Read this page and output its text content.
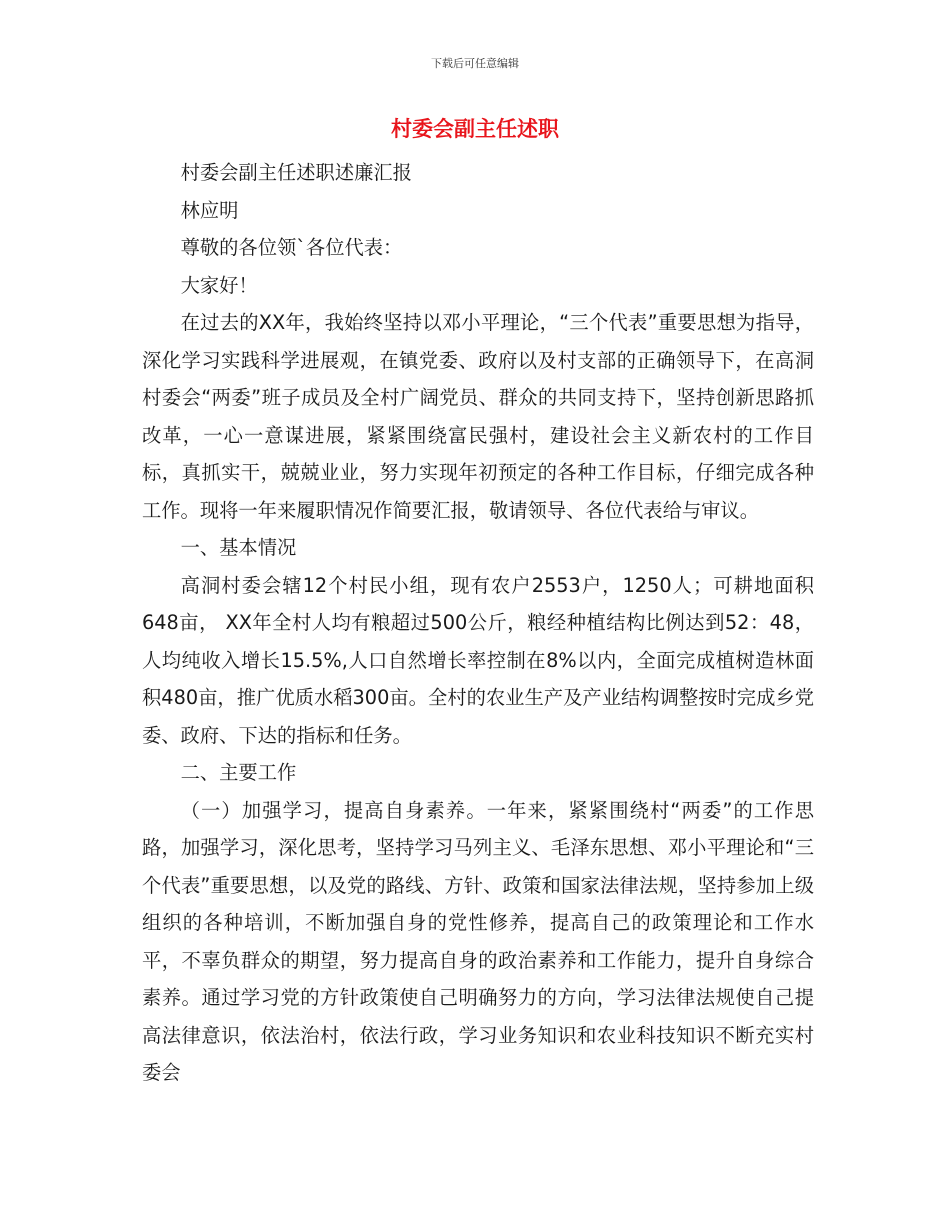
下载后可任意编辑
村委会副主任述职

村委会副主任述职述廉汇报

林应明

尊敬的各位领`各位代表：

大家好！

在过去的XX年，我始终坚持以邓小平理论，“三个代表”重要思想为指导，深化学习实践科学进展观，在镇党委、政府以及村支部的正确领导下，在高洞村委会“两委”班子成员及全村广阔党员、群众的共同支持下，坚持创新思路抓改革，一心一意谋进展，紧紧围绕富民强村，建设社会主义新农村的工作目标，真抓实干，兢兢业业，努力实现年初预定的各种工作目标，仔细完成各种工作。现将一年来履职情况作简要汇报，敬请领导、各位代表给与审议。

一、基本情况

高洞村委会辖12个村民小组，现有农户2553户，1250人；可耕地面积648亩， XX年全村人均有粮超过500公斤，粮经种植结构比例达到52：48，人均纯收入增长15.5%,人口自然增长率控制在8%以内，全面完成植树造林面积480亩，推广优质水稻300亩。全村的农业生产及产业结构调整按时完成乡党委、政府、下达的指标和任务。

二、主要工作

（一）加强学习，提高自身素养。一年来，紧紧围绕村“两委”的工作思路，加强学习，深化思考，坚持学习马列主义、毛泽东思想、邓小平理论和“三个代表”重要思想，以及党的路线、方针、政策和国家法律法规，坚持参加上级组织的各种培训，不断加强自身的党性修养，提高自己的政策理论和工作水平，不辜负群众的期望，努力提高自身的政治素养和工作能力，提升自身综合素养。通过学习党的方针政策使自己明确努力的方向，学习法律法规使自己提高法律意识，依法治村，依法行政，学习业务知识和农业科技知识不断充实村委会
